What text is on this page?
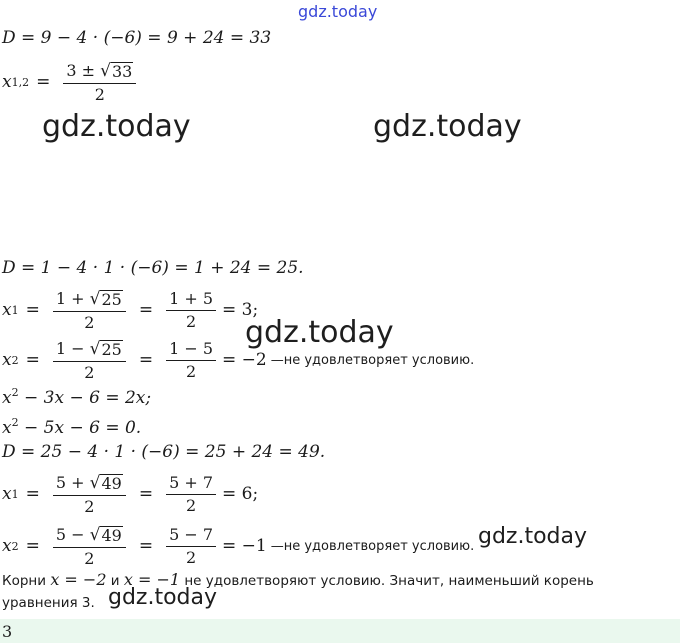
gdz.today
gdz.today	gdz.today
gdz.today
gdz.today
gdz.today
D = 9 − 4 · (−6) = 9 + 24 = 33
x $1,2 = \frac{3 \pm √ 33}{2}$
D = 1 − 4 · 1 · (−6) = 1 + 24 = 25.
x $1 = \frac{1 + √ 25}{2} = \frac{1 + 5}{2} = 3$;
x $2 = \frac{1 - √ 25}{2} = \frac{1 - 5}{2} = -2$ —не удовлетворяет условию.
$x^2 - 3x - 6 = 2x$;
$x^2 - 5x - 6 = 0$.
D = 25 − 4 · 1 · (−6) = 25 + 24 = 49.
x $1 = \frac{5 + √ 49}{2} = \frac{5 + 7}{2} = 6$;
x $2 = \frac{5 - √ 49}{2} = \frac{5 - 7}{2} = -1$ —не удовлетворяет условию.
Корни x = −2 и x = −1 не удовлетворяют условию. Значит, наименьший корень уравнения 3.
3
